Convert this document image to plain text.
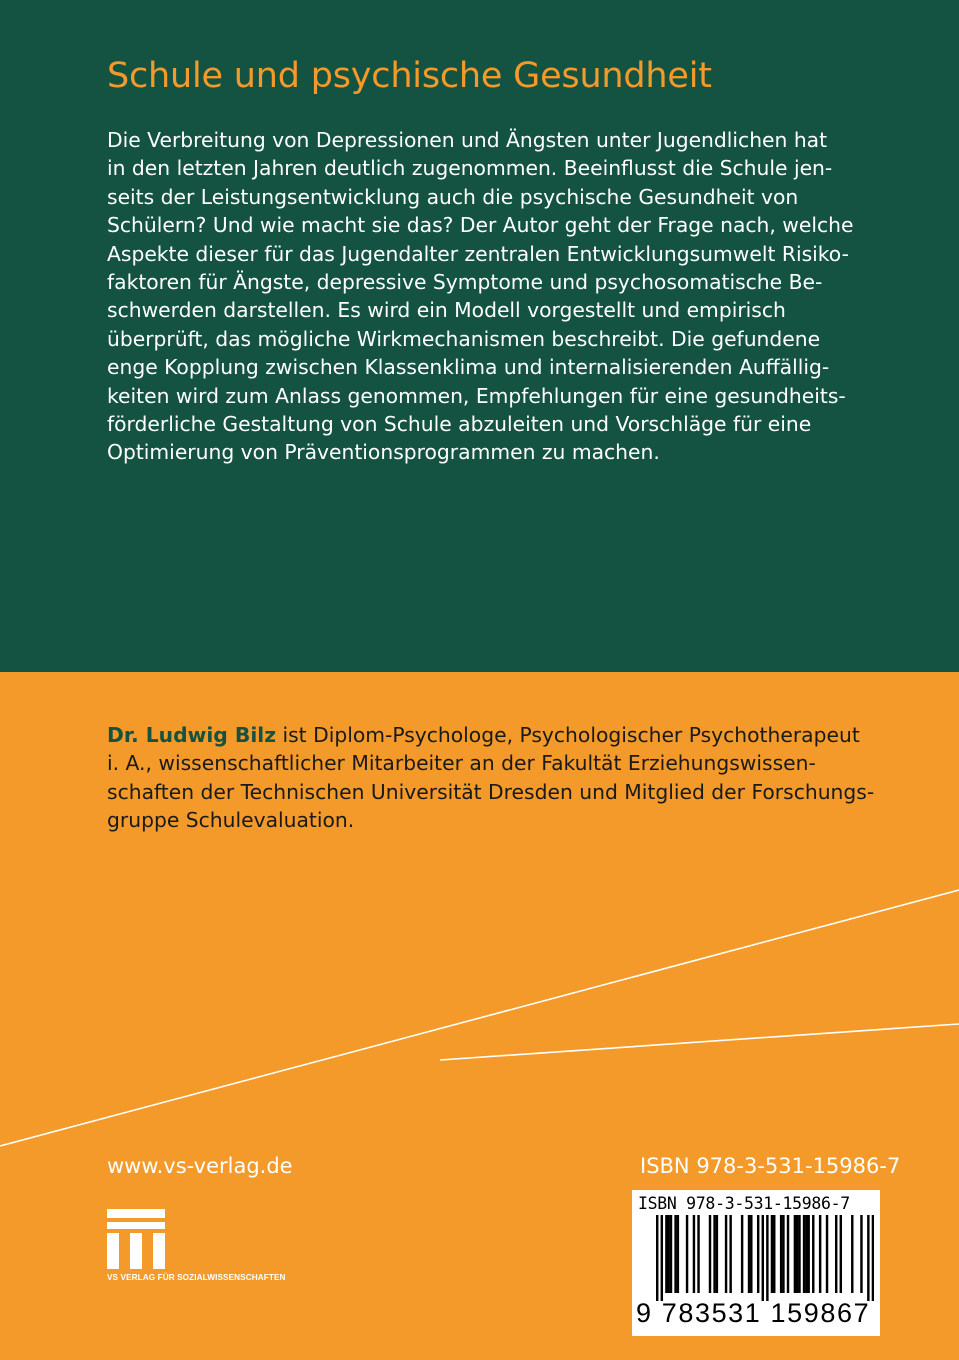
Schule und psychische Gesundheit

Die Verbreitung von Depressionen und Ängsten unter Jugendlichen hat
in den letzten Jahren deutlich zugenommen. Beeinflusst die Schule jen-
seits der Leistungsentwicklung auch die psychische Gesundheit von
Schülern? Und wie macht sie das? Der Autor geht der Frage nach, welche
Aspekte dieser für das Jugendalter zentralen Entwicklungsumwelt Risiko-
faktoren für Ängste, depressive Symptome und psychosomatische Be-
schwerden darstellen. Es wird ein Modell vorgestellt und empirisch
überprüft, das mögliche Wirkmechanismen beschreibt. Die gefundene
enge Kopplung zwischen Klassenklima und internalisierenden Auffällig-
keiten wird zum Anlass genommen, Empfehlungen für eine gesundheits-
förderliche Gestaltung von Schule abzuleiten und Vorschläge für eine
Optimierung von Präventionsprogrammen zu machen.

Dr. Ludwig Bilz ist Diplom-Psychologe, Psychologischer Psychotherapeut
i. A., wissenschaftlicher Mitarbeiter an der Fakultät Erziehungswissen-
schaften der Technischen Universität Dresden und Mitglied der Forschungs-
gruppe Schulevaluation.

www.vs-verlag.de	ISBN 978-3-531-15986-7
VS VERLAG FÜR SOZIALWISSENSCHAFTEN
ISBN 978-3-531-15986-7
9 783531 159867
